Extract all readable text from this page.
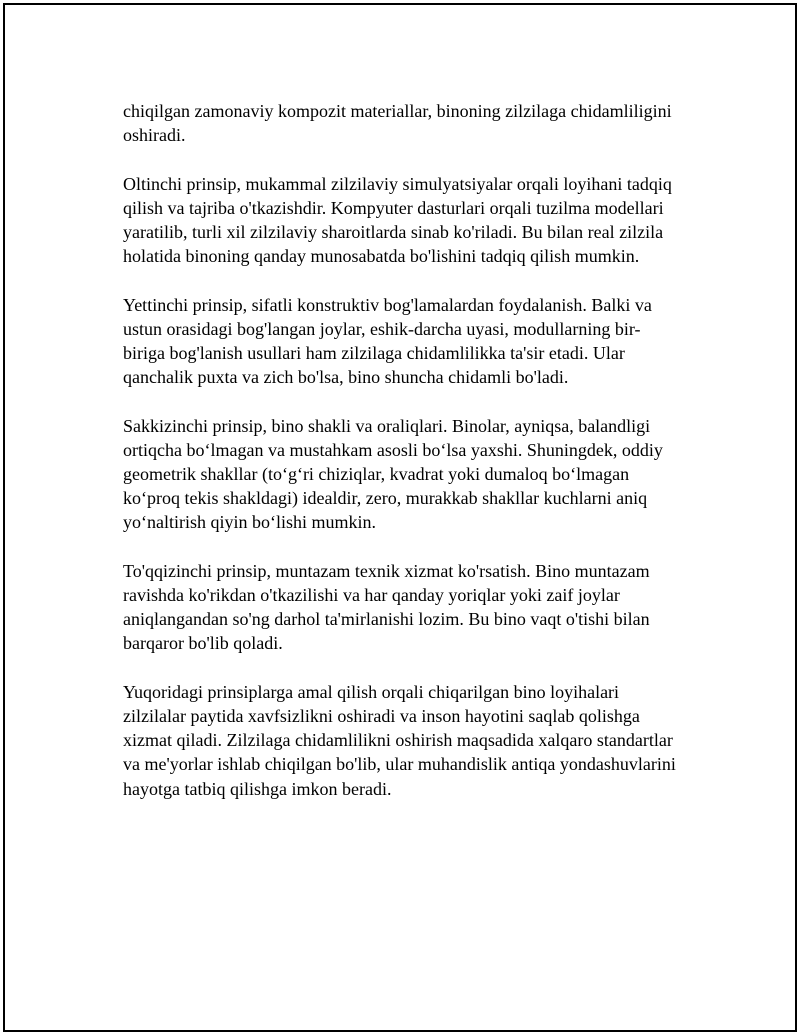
chiqilgan zamonaviy kompozit materiallar, binoning zilzilaga chidamliligini
oshiradi.

Oltinchi prinsip, mukammal zilzilaviy simulyatsiyalar orqali loyihani tadqiq
qilish va tajriba o'tkazishdir. Kompyuter dasturlari orqali tuzilma modellari
yaratilib, turli xil zilzilaviy sharoitlarda sinab ko'riladi. Bu bilan real zilzila
holatida binoning qanday munosabatda bo'lishini tadqiq qilish mumkin.

Yettinchi prinsip, sifatli konstruktiv bog'lamalardan foydalanish. Balki va
ustun orasidagi bog'langan joylar, eshik-darcha uyasi, modullarning bir-
biriga bog'lanish usullari ham zilzilaga chidamlilikka ta'sir etadi. Ular
qanchalik puxta va zich bo'lsa, bino shuncha chidamli bo'ladi.

Sakkizinchi prinsip, bino shakli va oraliqlari. Binolar, ayniqsa, balandligi
ortiqcha bo‘lmagan va mustahkam asosli bo‘lsa yaxshi. Shuningdek, oddiy
geometrik shakllar (to‘g‘ri chiziqlar, kvadrat yoki dumaloq bo‘lmagan
ko‘proq tekis shakldagi) idealdir, zero, murakkab shakllar kuchlarni aniq
yo‘naltirish qiyin bo‘lishi mumkin.

To'qqizinchi prinsip, muntazam texnik xizmat ko'rsatish. Bino muntazam
ravishda ko'rikdan o'tkazilishi va har qanday yoriqlar yoki zaif joylar
aniqlangandan so'ng darhol ta'mirlanishi lozim. Bu bino vaqt o'tishi bilan
barqaror bo'lib qoladi.

Yuqoridagi prinsiplarga amal qilish orqali chiqarilgan bino loyihalari
zilzilalar paytida xavfsizlikni oshiradi va inson hayotini saqlab qolishga
xizmat qiladi. Zilzilaga chidamlilikni oshirish maqsadida xalqaro standartlar
va me'yorlar ishlab chiqilgan bo'lib, ular muhandislik antiqa yondashuvlarini
hayotga tatbiq qilishga imkon beradi.
